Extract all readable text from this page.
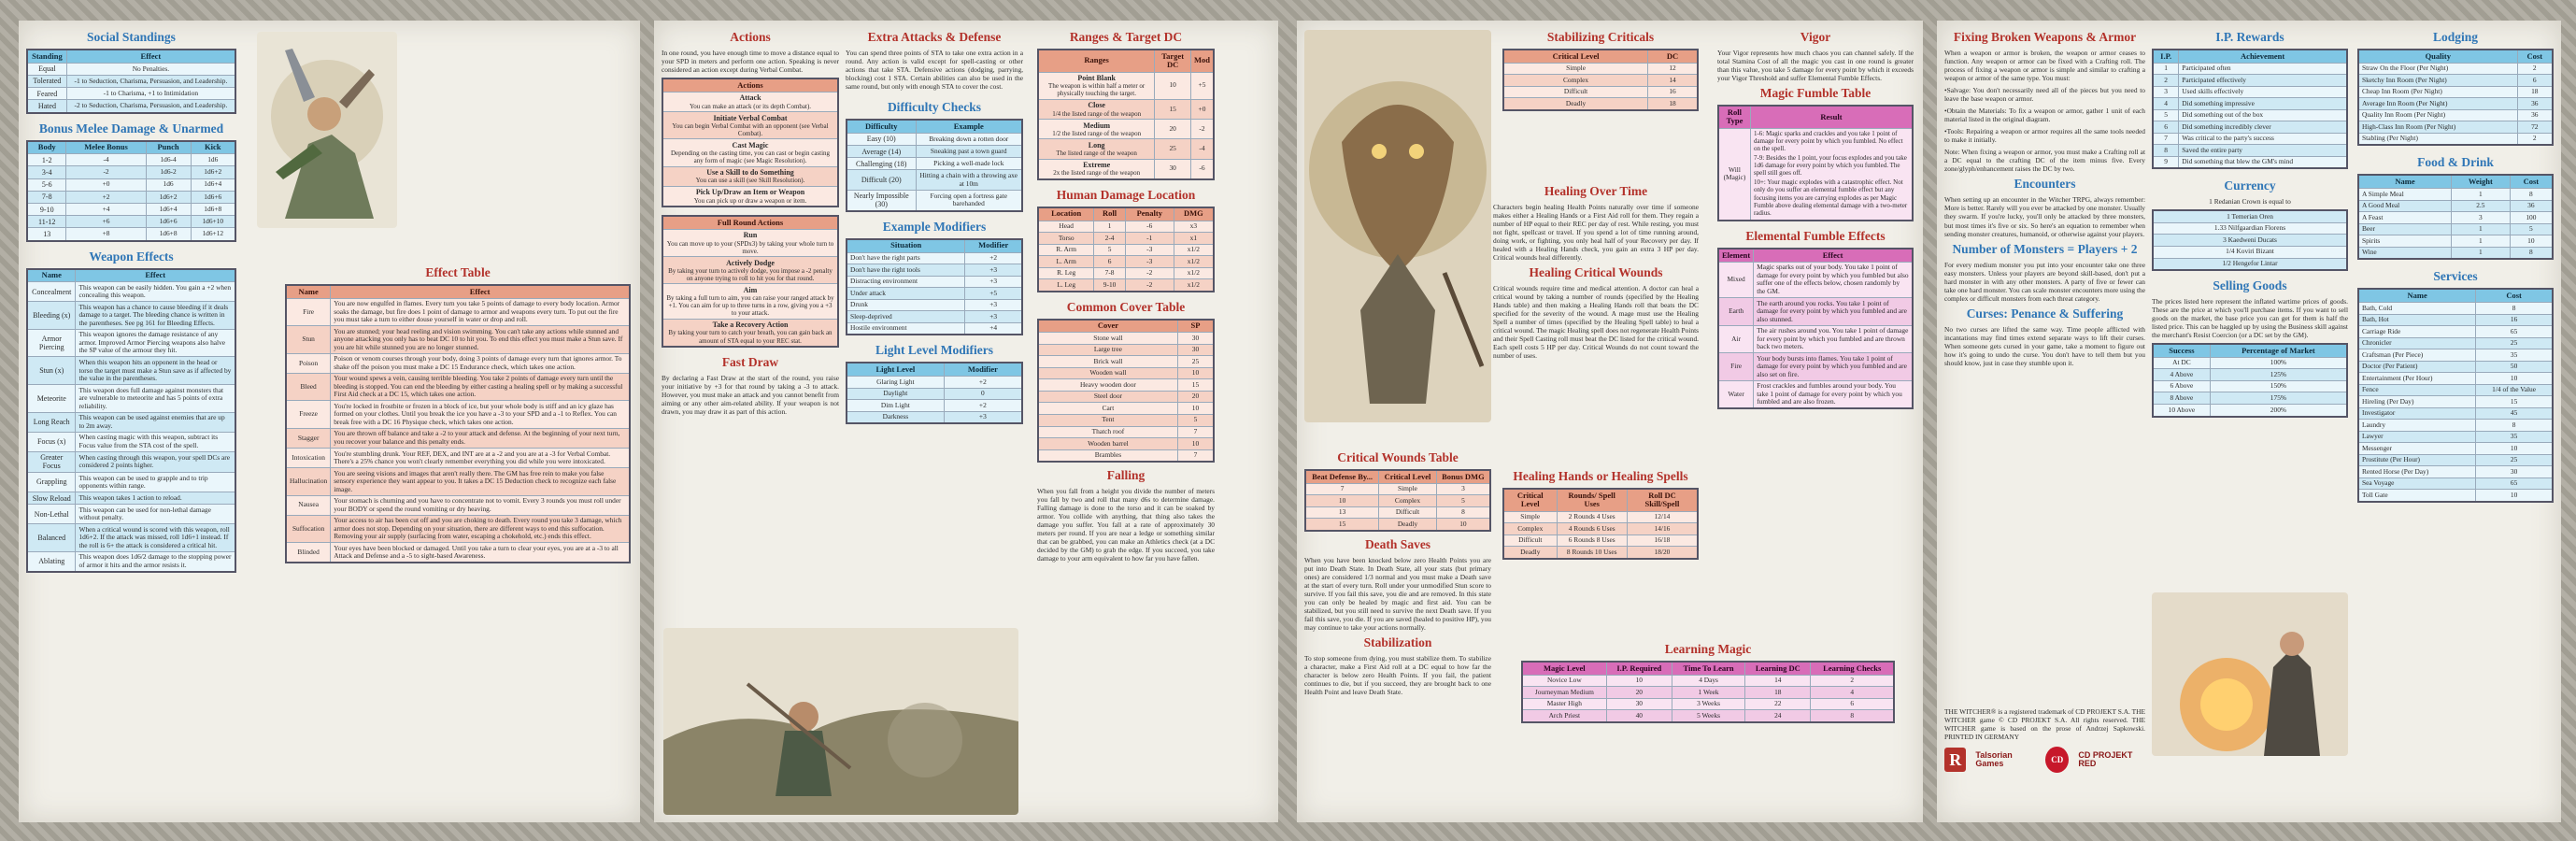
Social Standings
Standing	Effect
Equal	No Penalties.
Tolerated	-1 to Seduction, Charisma, Persuasion, and Leadership.
Feared	-1 to Charisma, +1 to Intimidation
Hated	-2 to Seduction, Charisma, Persuasion, and Leadership.
Bonus Melee Damage & Unarmed
Body	Melee Bonus	Punch	Kick
1-2	-4	1d6-4	1d6
3-4	-2	1d6-2	1d6+2
5-6	+0	1d6	1d6+4
7-8	+2	1d6+2	1d6+6
9-10	+4	1d6+4	1d6+8
11-12	+6	1d6+6	1d6+10
13	+8	1d6+8	1d6+12
Weapon Effects
Name	Effect
Concealment	This weapon can be easily hidden. You gain a +2 when concealing this weapon.
Bleeding (x)	This weapon has a chance to cause bleeding if it deals damage to a target. The bleeding chance is written in the parentheses. See pg 161 for Bleeding Effects.
Armor Piercing	This weapon ignores the damage resistance of any armor. Improved Armor Piercing weapons also halve the SP value of the armour they hit.
Stun (x)	When this weapon hits an opponent in the head or torso the target must make a Stun save as if affected by the value in the parentheses.
Meteorite	This weapon does full damage against monsters that are vulnerable to meteorite and has 5 points of extra reliability.
Long Reach	This weapon can be used against enemies that are up to 2m away.
Focus (x)	When casting magic with this weapon, subtract its Focus value from the STA cost of the spell.
Greater Focus	When casting through this weapon, your spell DCs are considered 2 points higher.
Grappling	This weapon can be used to grapple and to trip opponents within range.
Slow Reload	This weapon takes 1 action to reload.
Non-Lethal	This weapon can be used for non-lethal damage without penalty.
Balanced	When a critical wound is scored with this weapon, roll 1d6+2. If the attack was missed, roll 1d6+1 instead. If the roll is 6+ the attack is considered a critical hit.
Ablating	This weapon does 1d6/2 damage to the stopping power of armor it hits and the armor resists it.
Effect Table
Name	Effect
Fire	You are now engulfed in flames. Every turn you take 5 points of damage to every body location. Armor soaks the damage, but fire does 1 point of damage to armor and weapons every turn. To put out the fire you must take a turn to either douse yourself in water or drop and roll.
Stun	You are stunned; your head reeling and vision swimming. You can't take any actions while stunned and anyone attacking you only has to beat DC 10 to hit you. To end this effect you must make a Stun save. If you are hit while stunned you are no longer stunned.
Poison	Poison or venom courses through your body, doing 3 points of damage every turn that ignores armor. To shake off the poison you must make a DC 15 Endurance check, which takes one action.
Bleed	Your wound spews a vein, causing terrible bleeding. You take 2 points of damage every turn until the bleeding is stopped. You can end the bleeding by either casting a healing spell or by making a successful First Aid check at a DC 15, which takes one action.
Freeze	You're locked in frostbite or frozen in a block of ice, but your whole body is stiff and an icy glaze has formed on your clothes. Until you break the ice you have a -3 to your SPD and a -1 to Reflex. You can break free with a DC 16 Physique check, which takes one action.
Stagger	You are thrown off balance and take a -2 to your attack and defense. At the beginning of your next turn, you recover your balance and this penalty ends.
Intoxication	You're stumbling drunk. Your REF, DEX, and INT are at a -2 and you are at a -3 for Verbal Combat. There's a 25% chance you won't clearly remember everything you did while you were intoxicated.
Hallucination	You are seeing visions and images that aren't really there. The GM has free rein to make you false sensory experience they want appear to you. It takes a DC 15 Deduction check to recognize each false image.
Nausea	Your stomach is churning and you have to concentrate not to vomit. Every 3 rounds you must roll under your BODY or spend the round vomiting or dry heaving.
Suffocation	Your access to air has been cut off and you are choking to death. Every round you take 3 damage, which armor does not stop. Depending on your situation, there are different ways to end this suffocation. Removing your air supply (surfacing from water, escaping a chokehold, etc.) ends this effect.
Blinded	Your eyes have been blocked or damaged. Until you take a turn to clear your eyes, you are at a -3 to all Attack and Defense and a -5 to sight-based Awareness.
Actions

In one round, you have enough time to move a distance equal to your SPD in meters and perform one action. Speaking is never considered an action except during Verbal Combat.

Actions

Attack
You can make an attack (or its depth Combat).

Initiate Verbal Combat
You can begin Verbal Combat with an opponent (see Verbal Combat).

Cast Magic
Depending on the casting time, you can cast or begin casting any form of magic (see Magic Resolution).

Use a Skill to do Something
You can use a skill (see Skill Resolution).

Pick Up/Draw an Item or Weapon
You can pick up or draw a weapon or item.
Full Round Actions

Run
You can move up to your (SPDx3) by taking your whole turn to move.

Actively Dodge
By taking your turn to actively dodge, you impose a -2 penalty on anyone trying to roll to hit you for that round.

Aim
By taking a full turn to aim, you can raise your ranged attack by +1. You can aim for up to three turns in a row, giving you a +3 to your attack.

Take a Recovery Action
By taking your turn to catch your breath, you can gain back an amount of STA equal to your REC stat.
Fast Draw

By declaring a Fast Draw at the start of the round, you raise your initiative by +3 for that round by taking a -3 to attack. However, you must make an attack and you cannot benefit from aiming or any other aim-related ability. If your weapon is not drawn, you may draw it as part of this action.

Extra Attacks & Defense

You can spend three points of STA to take one extra action in a round. Any action is valid except for spell-casting or other actions that take STA. Defensive actions (dodging, parrying, blocking) cost 1 STA. Certain abilities can also be used in the same round, but only with enough STA to cover the cost.

Difficulty Checks
Difficulty	Example
Easy (10)	Breaking down a rotten door
Average (14)	Sneaking past a town guard
Challenging (18)	Picking a well-made lock
Difficult (20)	Hitting a chain with a throwing axe at 10m
Nearly Impossible (30)	Forcing open a fortress gate barehanded
Example Modifiers
Situation	Modifier
Don't have the right parts	+2
Don't have the right tools	+3
Distracting environment	+3
Under attack	+5
Drunk	+3
Sleep-deprived	+3
Hostile environment	+4
Light Level Modifiers
Light Level	Modifier
Glaring Light	+2
Daylight	0
Dim Light	+2
Darkness	+3
Ranges & Target DC
Ranges	Target DC	Mod

Point Blank
The weapon is within half a meter or physically touching the target.	10	+5

Close
1/4 the listed range of the weapon	15	+0

Medium
1/2 the listed range of the weapon	20	-2

Long
The listed range of the weapon	25	-4

Extreme
2x the listed range of the weapon	30	-6
Human Damage Location
Location	Roll	Penalty	DMG
Head	1	-6	x3
Torso	2-4	-1	x1
R. Arm	5	-3	x1/2
L. Arm	6	-3	x1/2
R. Leg	7-8	-2	x1/2
L. Leg	9-10	-2	x1/2
Common Cover Table
Cover	SP
Stone wall	30
Large tree	30
Brick wall	25
Wooden wall	10
Heavy wooden door	15
Steel door	20
Cart	10
Tent	5
Thatch roof	7
Wooden barrel	10
Brambles	7
Falling

When you fall from a height you divide the number of meters you fall by two and roll that many d6s to determine damage. Falling damage is done to the torso and it can be soaked by armor. You collide with anything, that thing also takes the damage you suffer. You fall at a rate of approximately 30 meters per round. If you are near a ledge or something similar that can be grabbed, you can make an Athletics check (at a DC decided by the GM) to grab the edge. If you succeed, you take damage to your arm equivalent to how far you have fallen.

Stabilizing Criticals
Critical Level	DC
Simple	12
Complex	14
Difficult	16
Deadly	18
Healing Over Time

Characters begin healing Health Points naturally over time if someone makes either a Healing Hands or a First Aid roll for them. They regain a number of HP equal to their REC per day of rest. While resting, you must not fight, spellcast or travel. If you spend a lot of time running around, doing work, or fighting, you only heal half of your Recovery per day. If healed with a Healing Hands check, you gain an extra 3 HP per day. Critical wounds heal differently.

Healing Critical Wounds

Critical wounds require time and medical attention. A doctor can heal a critical wound by taking a number of rounds (specified by the Healing Hands table) and then making a Healing Hands roll that beats the DC specified for the severity of the wound. A mage must use the Healing Spell a number of times (specified by the Healing Spell table) to heal a critical wound. The magic Healing spell does not regenerate Health Points and their Spell Casting roll must beat the DC listed for the critical wound. Each spell costs 5 HP per day. Critical Wounds do not count toward the number of uses.

Critical Wounds Table
Beat Defense By...	Critical Level	Bonus DMG
7	Simple	3
10	Complex	5
13	Difficult	8
15	Deadly	10
Death Saves

When you have been knocked below zero Health Points you are put into Death State. In Death State, all your stats (but primary ones) are considered 1/3 normal and you must make a Death save at the start of every turn. Roll under your unmodified Stun score to survive. If you fail this save, you die and are removed. In this state you can only be healed by magic and first aid. You can be stabilized, but you still need to survive the next Death save. If you fail this save, you die. If you are saved (healed to positive HP), you may continue to take your actions normally.

Stabilization

To stop someone from dying, you must stabilize them. To stabilize a character, make a First Aid roll at a DC equal to how far the character is below zero Health Points. If you fail, the patient continues to die, but if you succeed, they are brought back to one Health Point and leave Death State.

Healing Hands or Healing Spells
Critical Level	Rounds/ Spell Uses	Roll DC Skill/Spell
Simple	2 Rounds 4 Uses	12/14
Complex	4 Rounds 6 Uses	14/16
Difficult	6 Rounds 8 Uses	16/18
Deadly	8 Rounds 10 Uses	18/20
Vigor

Your Vigor represents how much chaos you can channel safely. If the total Stamina Cost of all the magic you cast in one round is greater than this value, you take 5 damage for every point by which it exceeds your Vigor Threshold and suffer Elemental Fumble Effects.

Magic Fumble Table
Roll Type	Result
Will (Magic)	1-6: Magic sparks and crackles and you take 1 point of damage for every point by which you fumbled. No effect on the spell.
7-9: Besides the 1 point, your focus explodes and you take 1d6 damage for every point by which you fumbled. The spell still goes off.
10+: Your magic explodes with a catastrophic effect. Not only do you suffer an elemental fumble effect but any focusing items you are carrying explodes as per Magic Fumble above dealing elemental damage with a two-meter radius.
Elemental Fumble Effects
Element	Effect
Mixed	Magic sparks out of your body. You take 1 point of damage for every point by which you fumbled but also suffer one of the effects below, chosen randomly by the GM.
Earth	The earth around you rocks. You take 1 point of damage for every point by which you fumbled and are also stunned.
Air	The air rushes around you. You take 1 point of damage for every point by which you fumbled and are thrown back two meters.
Fire	Your body bursts into flames. You take 1 point of damage for every point by which you fumbled and are also set on fire.
Water	Frost crackles and fumbles around your body. You take 1 point of damage for every point by which you fumbled and are also frozen.
Learning Magic
Magic Level	I.P. Required	Time To Learn	Learning DC	Learning Checks
Novice Low	10	4 Days	14	2
Journeyman Medium	20	1 Week	18	4
Master High	30	3 Weeks	22	6
Arch Priest	40	5 Weeks	24	8
Fixing Broken Weapons & Armor

When a weapon or armor is broken, the weapon or armor ceases to function. Any weapon or armor can be fixed with a Crafting roll. The process of fixing a weapon or armor is simple and similar to crafting a weapon or armor of the same type. You must:

•Salvage: You don't necessarily need all of the pieces but you need to leave the base weapon or armor.

•Obtain the Materials: To fix a weapon or armor, gather 1 unit of each material listed in the original diagram.

•Tools: Repairing a weapon or armor requires all the same tools needed to make it initially.

Note: When fixing a weapon or armor, you must make a Crafting roll at a DC equal to the crafting DC of the item minus five. Every zone/glyph/enhancement raises the DC by two.

Encounters

When setting up an encounter in the Witcher TRPG, always remember: More is better. Rarely will you ever be attacked by one monster. Usually they swarm. If you're lucky, you'll only be attacked by three monsters, but most times it's five or six. So here's an equation to remember when sending monster creatures, humanoid, or otherwise against your players.

Number of Monsters = Players + 2

For every medium monster you put into your encounter take one three easy monsters. Unless your players are beyond skill-based, don't put a hard monster in with any other monsters. A party of five or fewer can take one hard monster. You can scale monster encounters more using the complex or difficult monsters from each threat category.

Curses: Penance & Suffering

No two curses are lifted the same way. Time people afflicted with incantations may find times extend separate ways to lift their curses. When someone gets cursed in your game, take a moment to figure out how it's going to undo the curse. You don't have to tell them but you should know, just in case they stumble upon it.

I.P. Rewards
I.P.	Achievement
1	Participated often
2	Participated effectively
3	Used skills effectively
4	Did something impressive
5	Did something out of the box
6	Did something incredibly clever
7	Was critical to the party's success
8	Saved the entire party
9	Did something that blew the GM's mind
Currency

1 Redanian Crown is equal to

1 Temerian Oren
1.33 Nilfgaardian Florens
3 Kaedweni Ducats
1/4 Koviri Bizant
1/2 Hengefor Lintar
Selling Goods

The prices listed here represent the inflated wartime prices of goods. These are the price at which you'll purchase items. If you want to sell goods on the market, the base price you can get for them is half the listed price. This can be haggled up by using the Business skill against the merchant's Resist Coercion (or a DC set by the GM).

Success	Percentage of Market
At DC	100%
4 Above	125%
6 Above	150%
8 Above	175%
10 Above	200%
Lodging
Quality	Cost
Straw On the Floor (Per Night)	2
Sketchy Inn Room (Per Night)	6
Cheap Inn Room (Per Night)	18
Average Inn Room (Per Night)	36
Quality Inn Room (Per Night)	36
High-Class Inn Room (Per Night)	72
Stabling (Per Night)	2
Food & Drink
Name	Weight	Cost
A Simple Meal	1	8
A Good Meal	2.5	36
A Feast	3	100
Beer	1	5
Spirits	1	10
Wine	1	8
Services
Name	Cost
Bath, Cold	8
Bath, Hot	16
Carriage Ride	65
Chronicler	25
Craftsman (Per Piece)	35
Doctor (Per Patient)	50
Entertainment (Per Hour)	10
Fence	1/4 of the Value
Hireling (Per Day)	15
Investigator	45
Laundry	8
Lawyer	35
Messenger	10
Prostitute (Per Hour)	25
Rented Horse (Per Day)	30
Sea Voyage	65
Toll Gate	10

THE WITCHER® is a registered trademark of CD PROJEKT S.A. THE WITCHER game © CD PROJEKT S.A. All rights reserved. THE WITCHER game is based on the prose of Andrzej Sapkowski. PRINTED IN GERMANY

R	Talsorian Games	CD
CD PROJEKT RED
